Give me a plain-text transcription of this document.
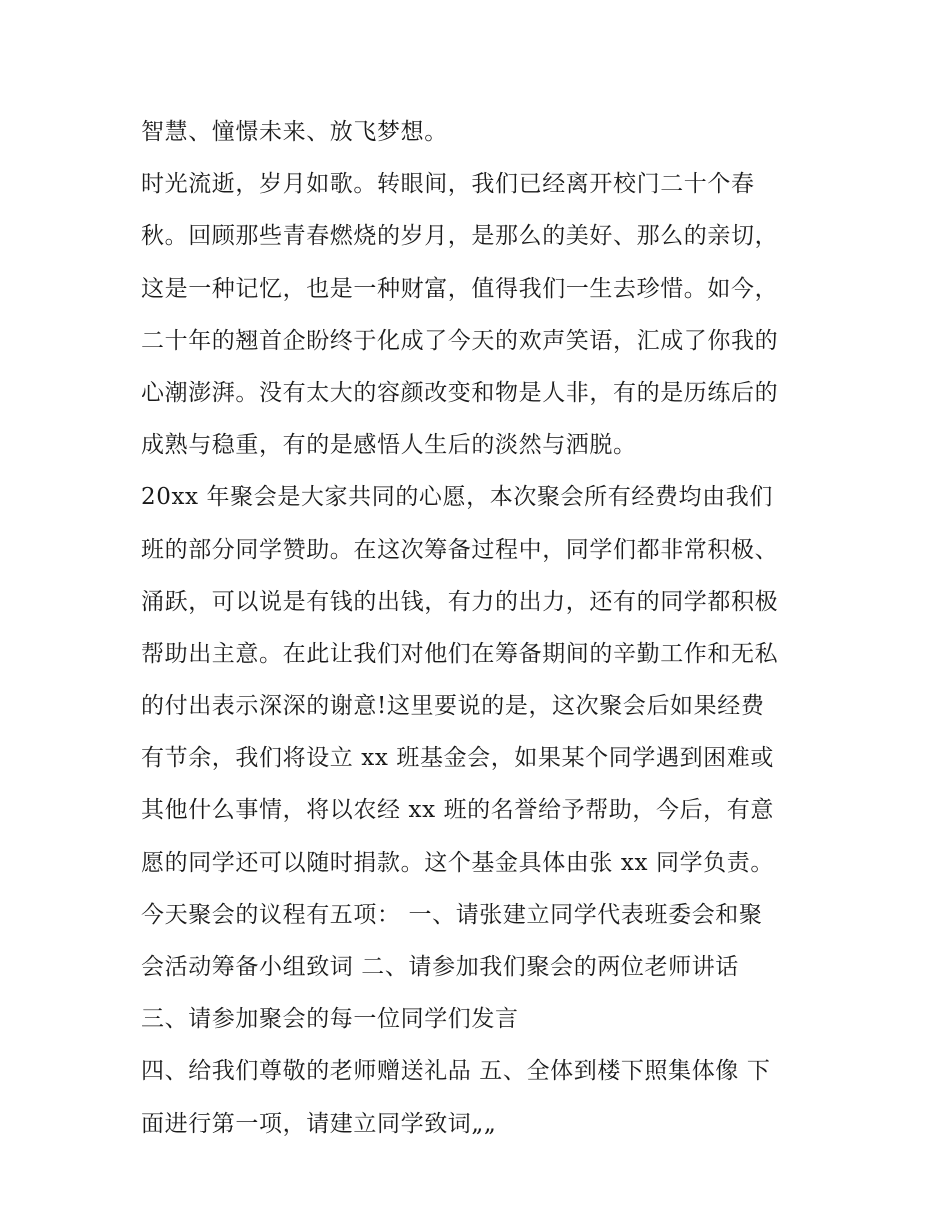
智慧、憧憬未来、放飞梦想。
时光流逝，岁月如歌。转眼间，我们已经离开校门二十个春
秋。回顾那些青春燃烧的岁月，是那么的美好、那么的亲切，
这是一种记忆，也是一种财富，值得我们一生去珍惜。如今，
二十年的翘首企盼终于化成了今天的欢声笑语，汇成了你我的
心潮澎湃。没有太大的容颜改变和物是人非，有的是历练后的
成熟与稳重，有的是感悟人生后的淡然与洒脱。
20xx 年聚会是大家共同的心愿，本次聚会所有经费均由我们
班的部分同学赞助。在这次筹备过程中，同学们都非常积极、
涌跃，可以说是有钱的出钱，有力的出力，还有的同学都积极
帮助出主意。在此让我们对他们在筹备期间的辛勤工作和无私
的付出表示深深的谢意!这里要说的是，这次聚会后如果经费
有节余，我们将设立 xx 班基金会，如果某个同学遇到困难或
其他什么事情，将以农经 xx 班的名誉给予帮助，今后，有意
愿的同学还可以随时捐款。这个基金具体由张 xx 同学负责。
今天聚会的议程有五项： 一、请张建立同学代表班委会和聚
会活动筹备小组致词 二、请参加我们聚会的两位老师讲话
三、请参加聚会的每一位同学们发言
四、给我们尊敬的老师赠送礼品 五、全体到楼下照集体像 下
面进行第一项，请建立同学致词„„
